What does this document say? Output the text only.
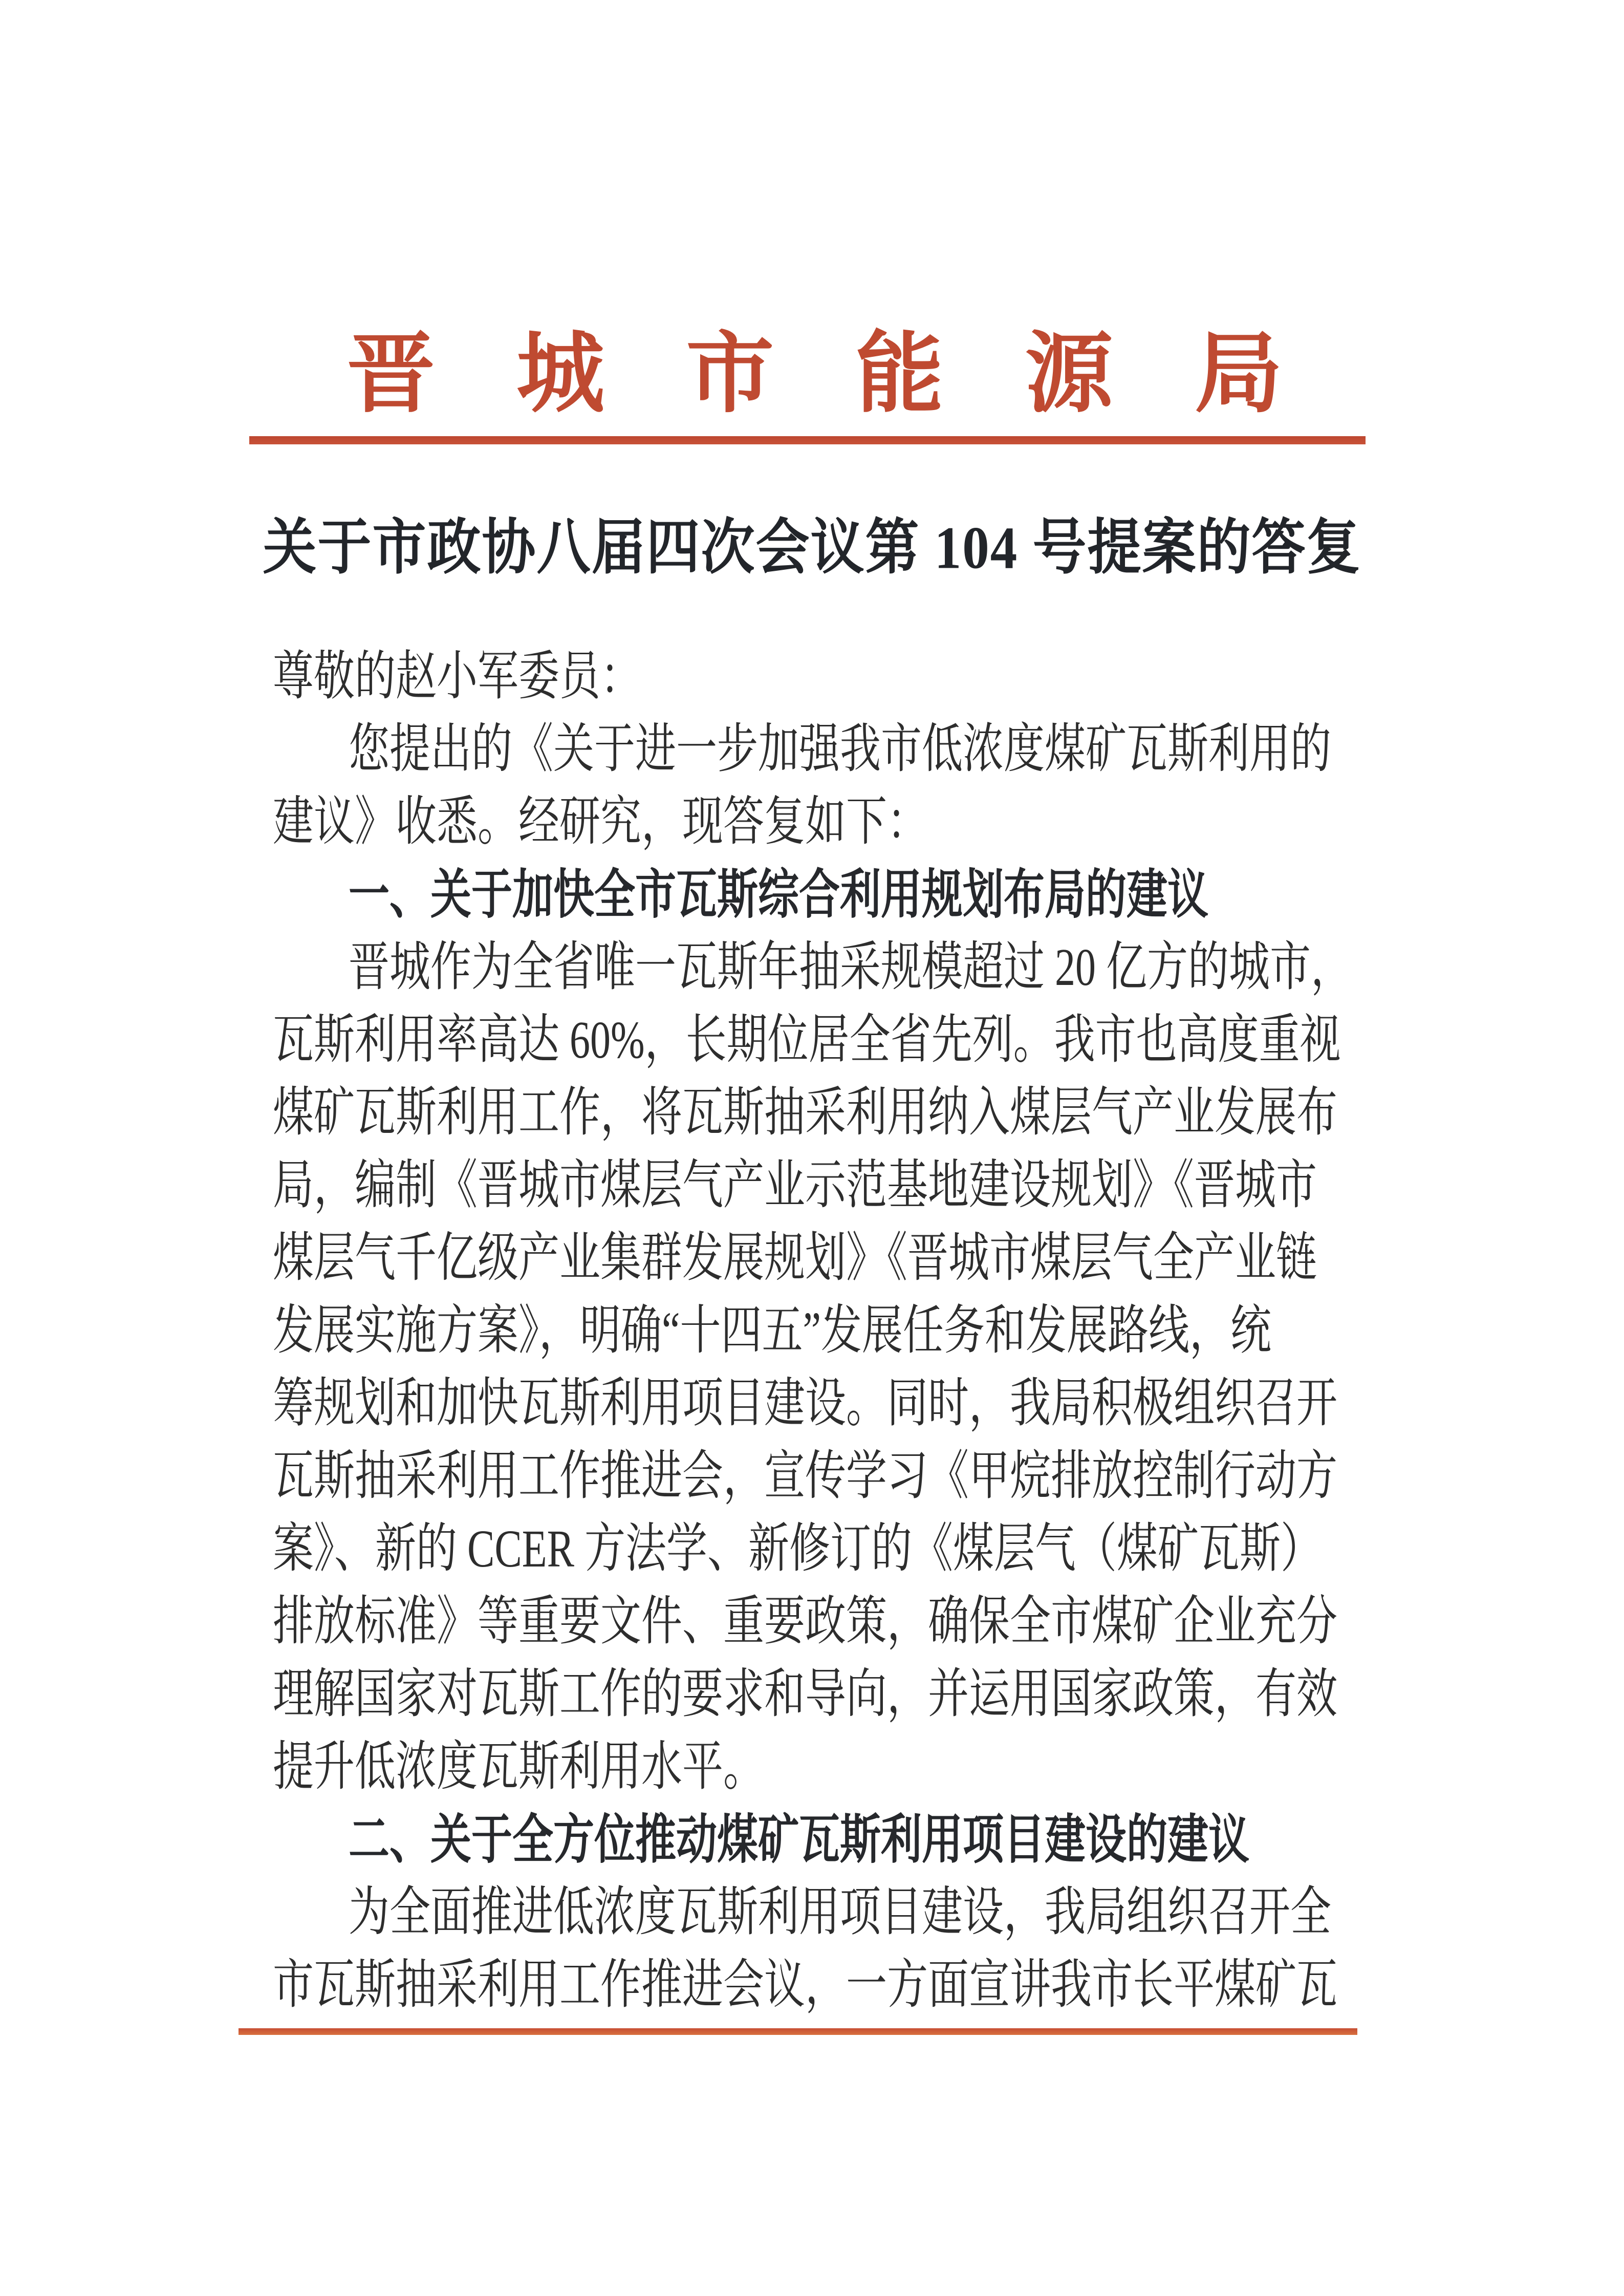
晋 城 市 能 源 局
关于市政协八届四次会议第 104 号提案的答复
尊敬的赵小军委员：
您提出的《关于进一步加强我市低浓度煤矿瓦斯利用的
建议》收悉。经研究，现答复如下：
一、关于加快全市瓦斯综合利用规划布局的建议
晋城作为全省唯一瓦斯年抽采规模超过 20 亿方的城市，
瓦斯利用率高达 60%，长期位居全省先列。我市也高度重视
煤矿瓦斯利用工作，将瓦斯抽采利用纳入煤层气产业发展布
局，编制《晋城市煤层气产业示范基地建设规划》《晋城市
煤层气千亿级产业集群发展规划》《晋城市煤层气全产业链
发展实施方案》，明确“十四五”发展任务和发展路线，统
筹规划和加快瓦斯利用项目建设。同时，我局积极组织召开
瓦斯抽采利用工作推进会，宣传学习《甲烷排放控制行动方
案》、新的 CCER 方法学、新修订的《煤层气（煤矿瓦斯）
排放标准》等重要文件、重要政策，确保全市煤矿企业充分
理解国家对瓦斯工作的要求和导向，并运用国家政策，有效
提升低浓度瓦斯利用水平。
二、关于全方位推动煤矿瓦斯利用项目建设的建议
为全面推进低浓度瓦斯利用项目建设，我局组织召开全
市瓦斯抽采利用工作推进会议，一方面宣讲我市长平煤矿瓦
